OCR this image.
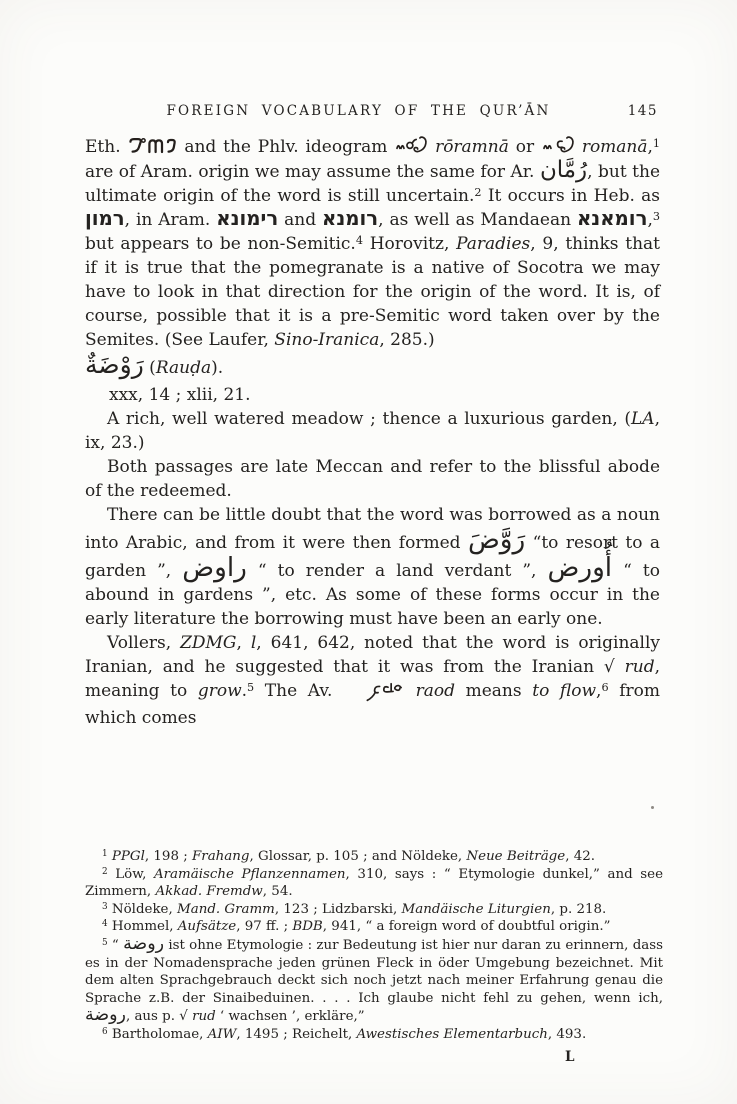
FOREIGN VOCABULARY OF THE QUR’ĀN	145

Eth.	and the Phlv. ideogram  rōramnā or  romanā,$^1$ are of Aram. origin we may assume the same for Ar. رُمَّان, but the ultimate origin of the word is still uncertain.$^2$ It occurs in Heb. as רמון, in Aram. רימונא and רומנא, as well as Mandaean רומאנא,$^3$ but appears to be non-Semitic.$^4$ Horovitz, Paradies, 9, thinks that if it is true that the pomegranate is a native of Socotra we may have to look in that direction for the origin of the word. It is, of course, possible that it is a pre-Semitic word taken over by the Semites. (See Laufer, Sino-Iranica, 285.)

رَوْضَةٌ (Rauḍa).

xxx, 14 ; xlii, 21.

A rich, well watered meadow ; thence a luxurious garden, (LA, ix, 23.)

Both passages are late Meccan and refer to the blissful abode of the redeemed.

There can be little doubt that the word was borrowed as a noun into Arabic, and from it were then formed رَوَّضَ “to resort to a garden ”, راوض “ to render a land verdant ”, أُورض “ to abound in gardens ”, etc. As some of these forms occur in the early literature the borrowing must have been an early one.

Vollers, ZDMG, l, 641, 642, noted that the word is originally Iranian, and he suggested that it was from the Iranian √ rud, meaning to grow.$^5$ The Av.	raod means to flow,$^6$ from which comes

$^1$ PPGl, 198 ; Frahang, Glossar, p. 105 ; and Nöldeke, Neue Beiträge, 42.

$^2$ Löw, Aramäische Pflanzennamen, 310, says : “ Etymologie dunkel,” and see Zimmern, Akkad. Fremdw, 54.

$^3$ Nöldeke, Mand. Gramm, 123 ; Lidzbarski, Mandäische Liturgien, p. 218.

$^4$ Hommel, Aufsätze, 97 ff. ; BDB, 941, “ a foreign word of doubtful origin.”

$^5$ “ روضة ist ohne Etymologie : zur Bedeutung ist hier nur daran zu erinnern, dass es in der Nomadensprache jeden grünen Fleck in öder Umgebung bezeichnet. Mit dem alten Sprachgebrauch deckt sich noch jetzt nach meiner Erfahrung genau die Sprache z.B. der Sinaibeduinen. . . . Ich glaube nicht fehl zu gehen, wenn ich, روضة, aus p. √ rud ‘ wachsen ’, erkläre,”

$^6$ Bartholomae, AIW, 1495 ; Reichelt, Awestisches Elementarbuch, 493.

L
